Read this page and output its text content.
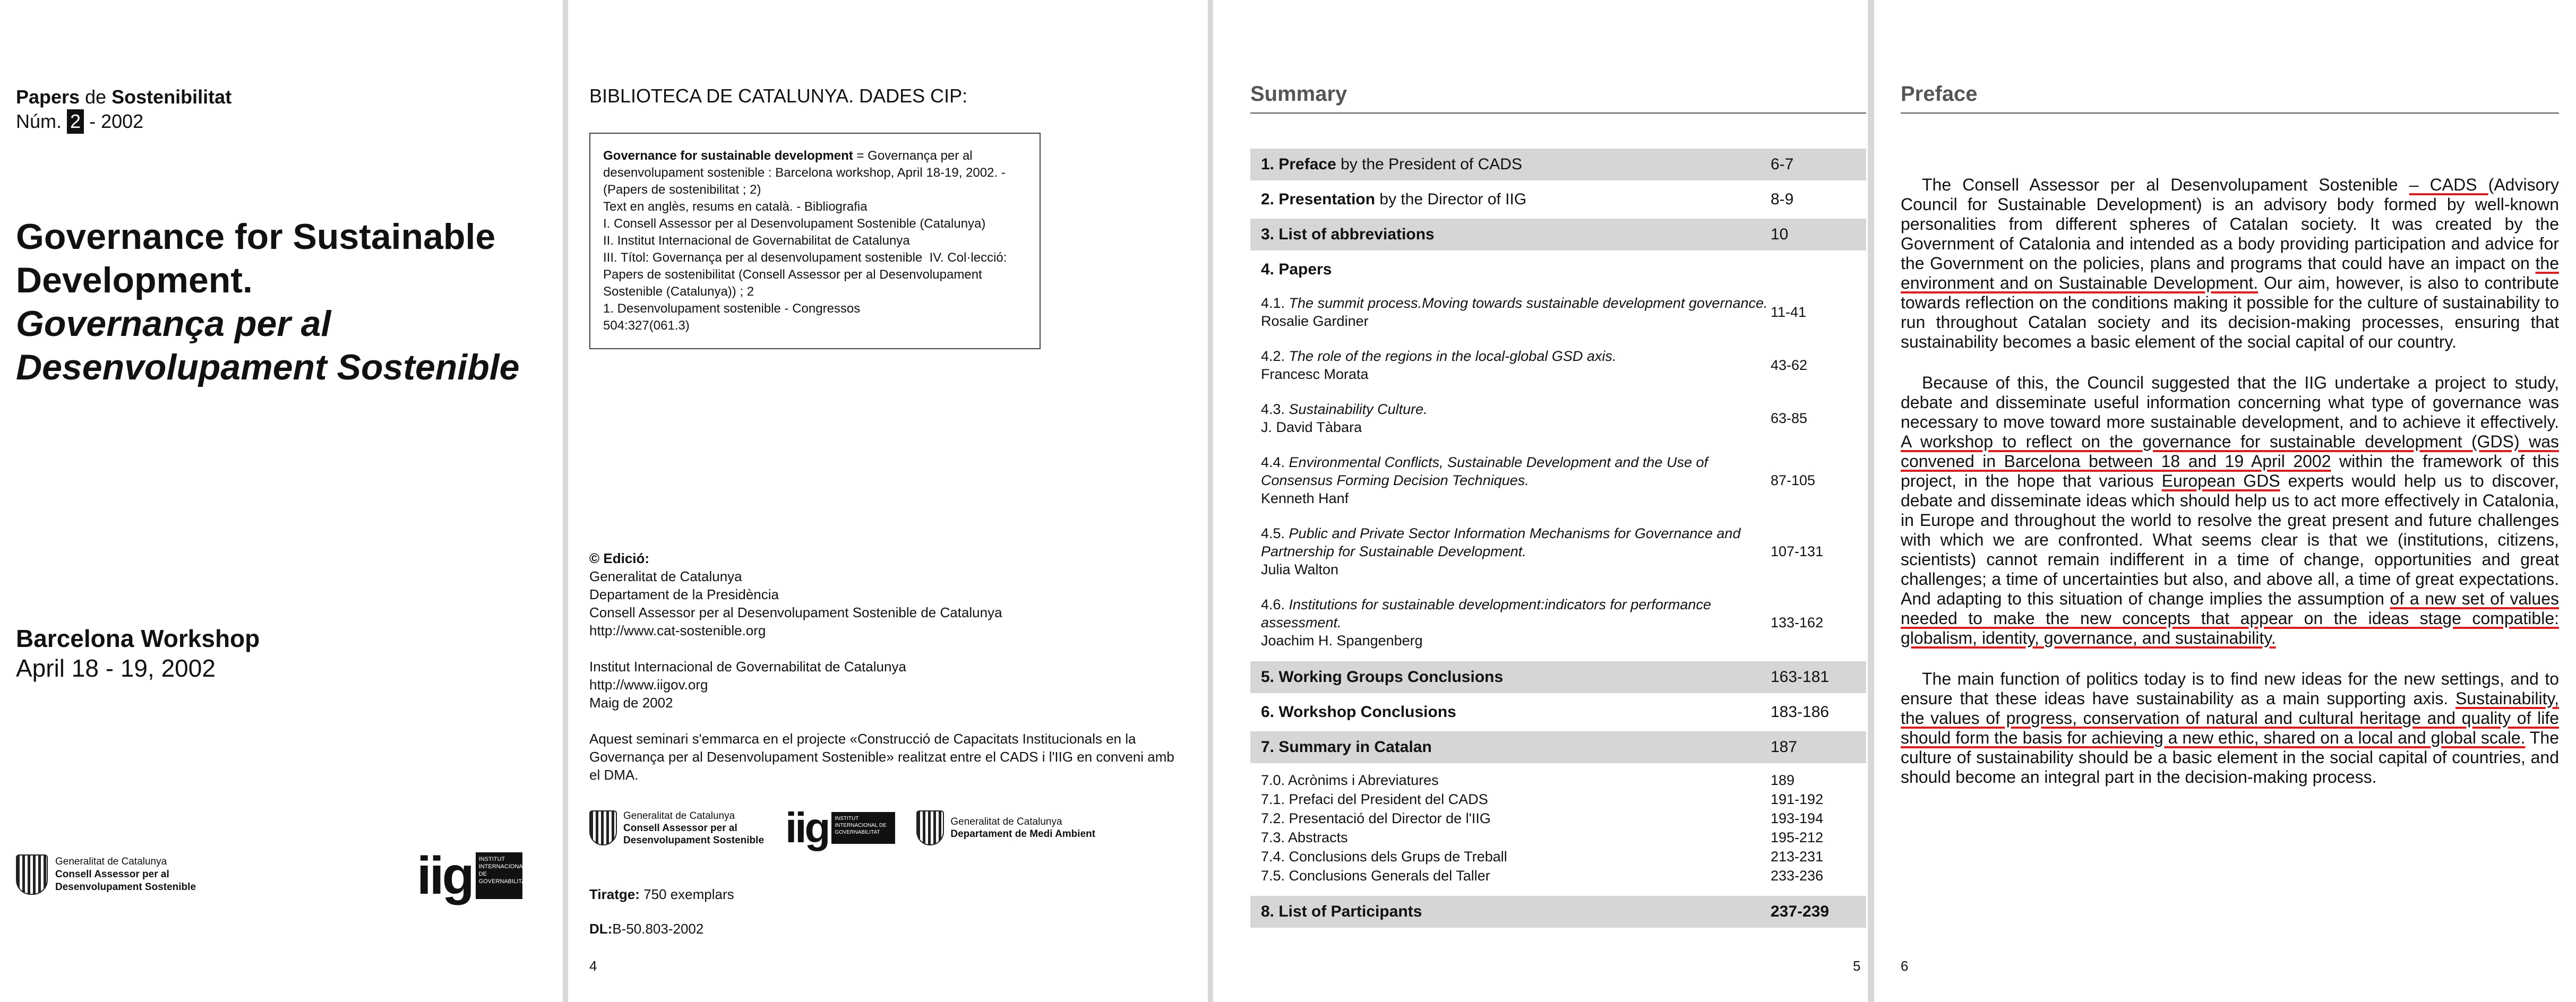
Papers de Sostenibilitat
Núm. 2 - 2002
Governance for Sustainable
Development.
Governança per al
Desenvolupament Sostenible
Barcelona Workshop
April 18 - 19, 2002
Generalitat de Catalunya
Consell Assessor per al
Desenvolupament Sostenible	iig	INSTITUT INTERNACIONAL DE GOVERNABILITAT
BIBLIOTECA DE CATALUNYA. DADES CIP:
Governance for sustainable development = Governança per al desenvolupament sostenible : Barcelona workshop, April 18-19, 2002. - (Papers de sostenibilitat ; 2)
Text en anglès, resums en català. - Bibliografia
I. Consell Assessor per al Desenvolupament Sostenible (Catalunya)
II. Institut Internacional de Governabilitat de Catalunya
III. Títol: Governança per al desenvolupament sostenible  IV. Col·lecció: Papers de sostenibilitat (Consell Assessor per al Desenvolupament Sostenible (Catalunya)) ; 2
1. Desenvolupament sostenible - Congressos
504:327(061.3)
© Edició:
Generalitat de Catalunya
Departament de la Presidència
Consell Assessor per al Desenvolupament Sostenible de Catalunya
http://www.cat-sostenible.org
Institut Internacional de Governabilitat de Catalunya
http://www.iigov.org
Maig de 2002
Aquest seminari s'emmarca en el projecte «Construcció de Capacitats Institucionals en la Governança per al Desenvolupament Sostenible» realitzat entre el CADS i l'IIG en conveni amb el DMA.
Generalitat de Catalunya
Consell Assessor per al
Desenvolupament Sostenible iig	INSTITUT INTERNACIONAL DE GOVERNABILITAT
Generalitat de Catalunya
Departament de Medi Ambient
Tiratge: 750 exemplars
DL:B-50.803-2002
4
Summary
1. Preface by the President of CADS	6-7
2. Presentation by the Director of IIG	8-9
3. List of abbreviations	10
4. Papers
4.1. The summit process.Moving towards sustainable development governance.
Rosalie Gardiner
11-41
4.2. The role of the regions in the local-global GSD axis.
Francesc Morata
43-62
4.3. Sustainability Culture.
J. David Tàbara
63-85
4.4. Environmental Conflicts, Sustainable Development and the Use of Consensus Forming Decision Techniques.
Kenneth Hanf
87-105
4.5. Public and Private Sector Information Mechanisms for Governance and Partnership for Sustainable Development.
Julia Walton
107-131
4.6. Institutions for sustainable development:indicators for performance assessment.
Joachim H. Spangenberg
133-162
5. Working Groups Conclusions	163-181
6. Workshop Conclusions	183-186
7. Summary in Catalan	187
7.0. Acrònims i Abreviatures	189
7.1. Prefaci del President del CADS	191-192
7.2. Presentació del Director de l'IIG	193-194
7.3. Abstracts	195-212
7.4. Conclusions dels Grups de Treball	213-231
7.5. Conclusions Generals del Taller	233-236
8. List of Participants	237-239
5
Preface

The Consell Assessor per al Desenvolupament Sostenible – CADS (Advisory Council for Sustainable Development) is an advisory body formed by well-known personalities from different spheres of Catalan society. It was created by the Government of Catalonia and intended as a body providing participation and advice for the Government on the policies, plans and programs that could have an impact on the environment and on Sustainable Development. Our aim, however, is also to contribute towards reflection on the conditions making it possible for the culture of sustainability to run throughout Catalan society and its decision-making processes, ensuring that sustainability becomes a basic element of the social capital of our country.

Because of this, the Council suggested that the IIG undertake a project to study, debate and disseminate useful information concerning what type of governance was necessary to move toward more sustainable development, and to achieve it effectively. A workshop to reflect on the governance for sustainable development (GDS) was convened in Barcelona between 18 and 19 April 2002 within the framework of this project, in the hope that various European GDS experts would help us to discover, debate and disseminate ideas which should help us to act more effectively in Catalonia, in Europe and throughout the world to resolve the great present and future challenges with which we are confronted. What seems clear is that we (institutions, citizens, scientists) cannot remain indifferent in a time of change, opportunities and great challenges; a time of uncertainties but also, and above all, a time of great expectations. And adapting to this situation of change implies the assumption of a new set of values needed to make the new concepts that appear on the ideas stage compatible: globalism, identity, governance, and sustainability.

The main function of politics today is to find new ideas for the new settings, and to ensure that these ideas have sustainability as a main supporting axis. Sustainability, the values of progress, conservation of natural and cultural heritage and quality of life should form the basis for achieving a new ethic, shared on a local and global scale. The culture of sustainability should be a basic element in the social capital of countries, and should become an integral part in the decision-making process.

6
